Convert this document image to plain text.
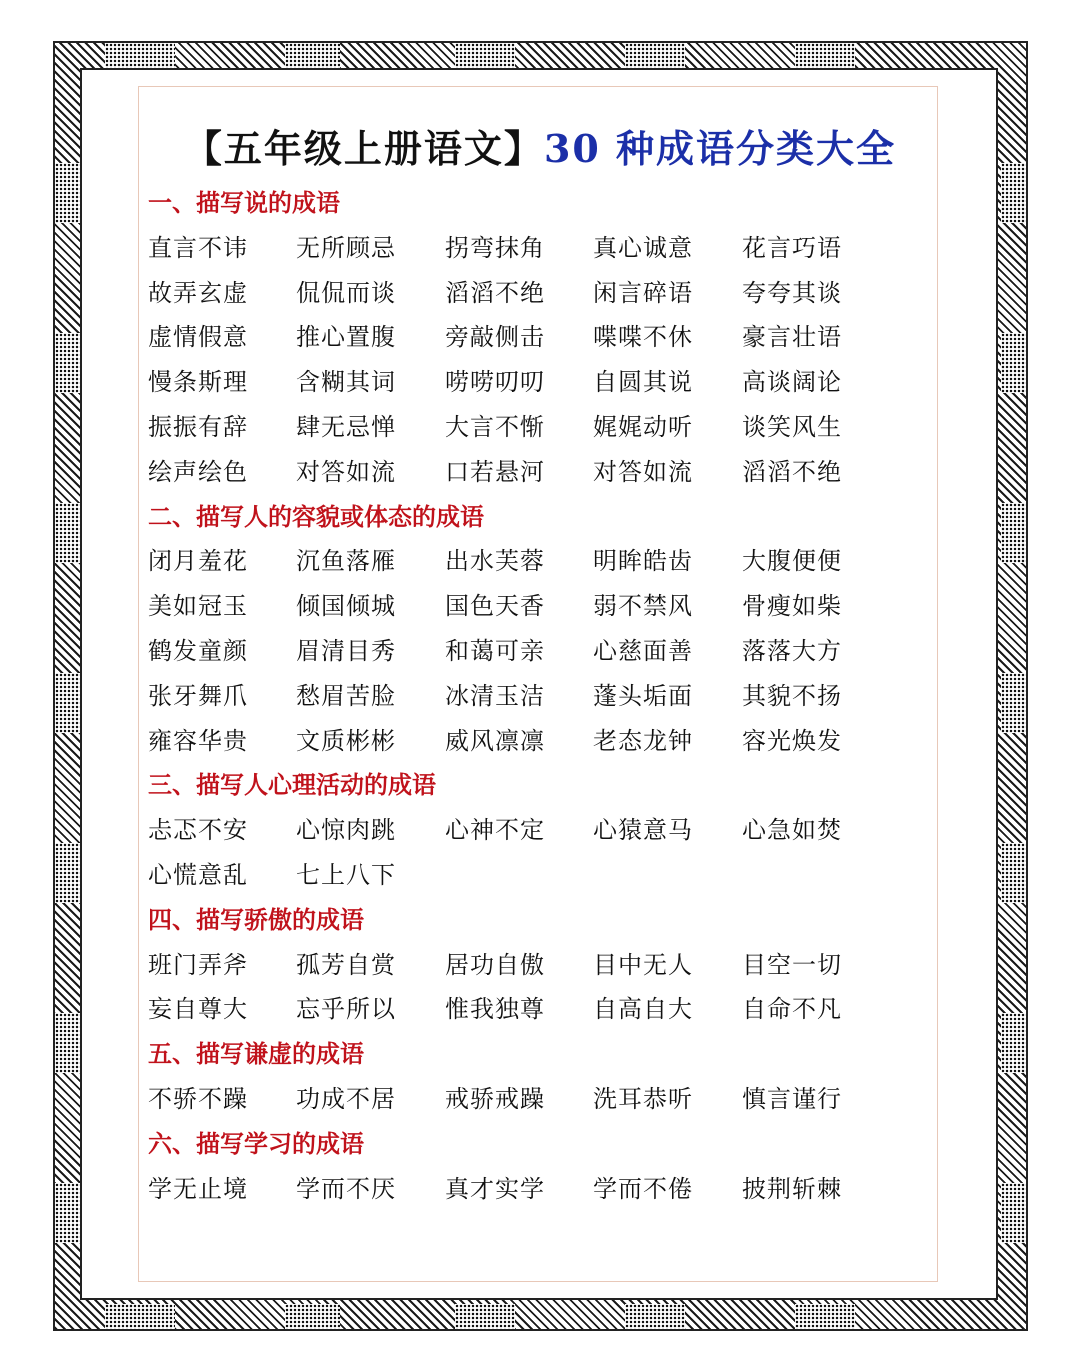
【五年级上册语文】30 种成语分类大全
一、描写说的成语
直言不讳	无所顾忌	拐弯抹角	真心诚意	花言巧语
故弄玄虚	侃侃而谈	滔滔不绝	闲言碎语	夸夸其谈
虚情假意	推心置腹	旁敲侧击	喋喋不休	豪言壮语
慢条斯理	含糊其词	唠唠叨叨	自圆其说	高谈阔论
振振有辞	肆无忌惮	大言不惭	娓娓动听	谈笑风生
绘声绘色	对答如流	口若悬河	对答如流	滔滔不绝
二、描写人的容貌或体态的成语
闭月羞花	沉鱼落雁	出水芙蓉	明眸皓齿	大腹便便
美如冠玉	倾国倾城	国色天香	弱不禁风	骨瘦如柴
鹤发童颜	眉清目秀	和蔼可亲	心慈面善	落落大方
张牙舞爪	愁眉苦脸	冰清玉洁	蓬头垢面	其貌不扬
雍容华贵	文质彬彬	威风凛凛	老态龙钟	容光焕发
三、描写人心理活动的成语
忐忑不安	心惊肉跳	心神不定	心猿意马	心急如焚
心慌意乱	七上八下
四、描写骄傲的成语
班门弄斧	孤芳自赏	居功自傲	目中无人	目空一切
妄自尊大	忘乎所以	惟我独尊	自高自大	自命不凡
五、描写谦虚的成语
不骄不躁	功成不居	戒骄戒躁	洗耳恭听	慎言谨行
六、描写学习的成语
学无止境	学而不厌	真才实学	学而不倦	披荆斩棘
